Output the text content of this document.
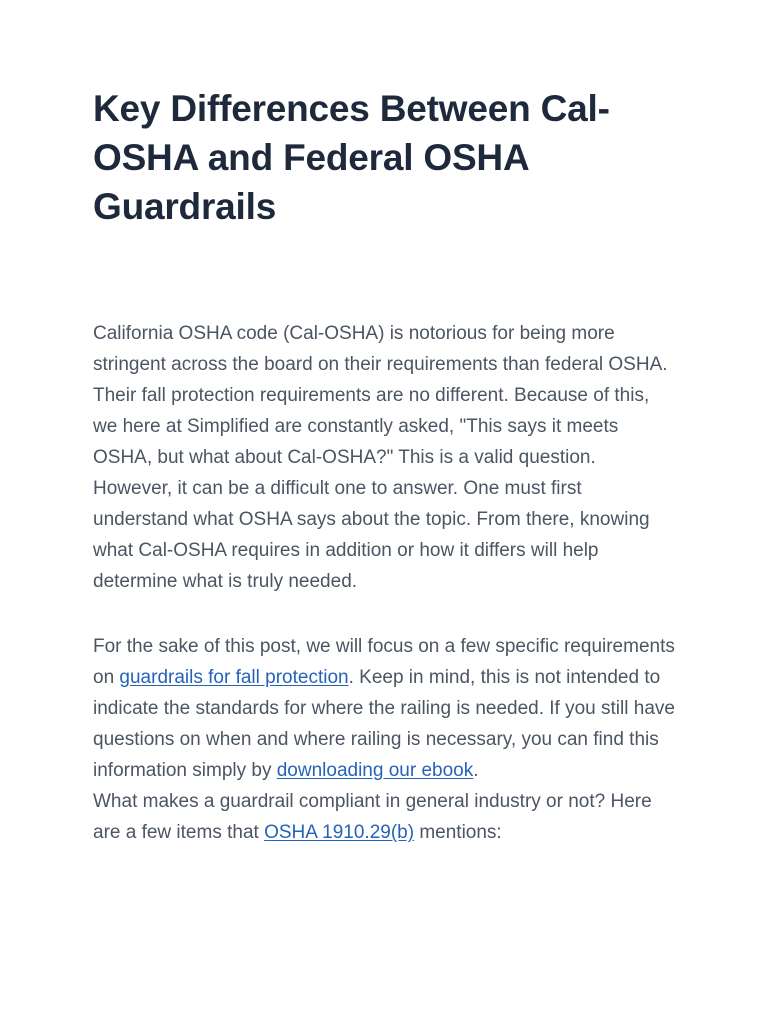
Key Differences Between Cal-OSHA and Federal OSHA Guardrails

California OSHA code (Cal-OSHA) is notorious for being more stringent across the board on their requirements than federal OSHA. Their fall protection requirements are no different. Because of this, we here at Simplified are constantly asked, "This says it meets OSHA, but what about Cal-OSHA?" This is a valid question. However, it can be a difficult one to answer. One must first understand what OSHA says about the topic. From there, knowing what Cal-OSHA requires in addition or how it differs will help determine what is truly needed.

For the sake of this post, we will focus on a few specific requirements on guardrails for fall protection. Keep in mind, this is not intended to indicate the standards for where the railing is needed. If you still have questions on when and where railing is necessary, you can find this information simply by downloading our ebook.

What makes a guardrail compliant in general industry or not? Here are a few items that OSHA 1910.29(b) mentions:
